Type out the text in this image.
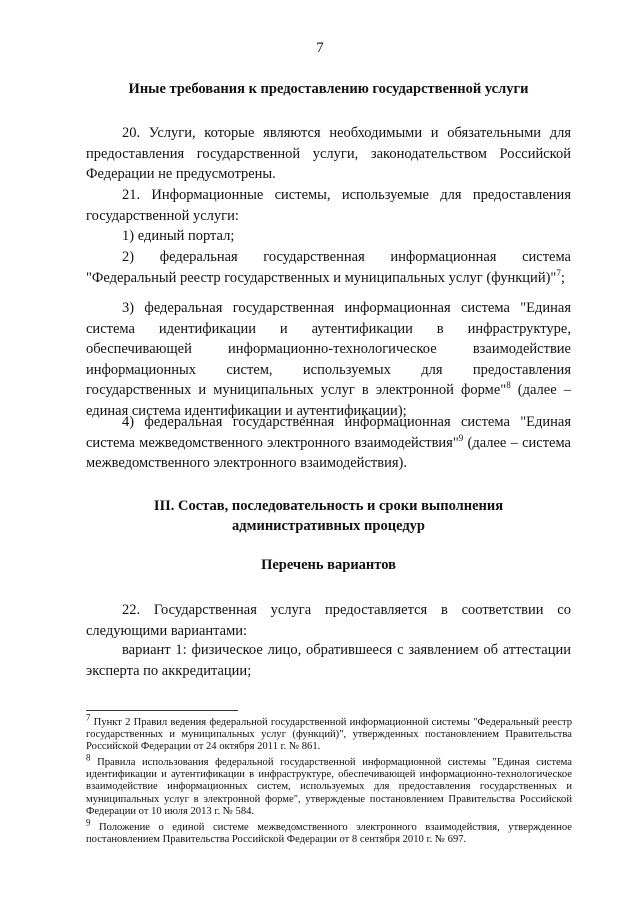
7
Иные требования к предоставлению государственной услуги
20. Услуги, которые являются необходимыми и обязательными для предоставления государственной услуги, законодательством Российской Федерации не предусмотрены.
21. Информационные системы, используемые для предоставления государственной услуги:
1) единый портал;
2) федеральная государственная информационная система "Федеральный реестр государственных и муниципальных услуг (функций)"$^7$;
3) федеральная государственная информационная система "Единая система идентификации и аутентификации в инфраструктуре, обеспечивающей информационно-технологическое взаимодействие информационных систем, используемых для предоставления государственных и муниципальных услуг в электронной форме"$^8$ (далее – единая система идентификации и аутентификации);
4) федеральная государственная информационная система "Единая система межведомственного электронного взаимодействия"$^9$ (далее – система межведомственного электронного взаимодействия).
III. Состав, последовательность и сроки выполнения
административных процедур
Перечень вариантов
22. Государственная услуга предоставляется в соответствии со следующими вариантами:
вариант 1: физическое лицо, обратившееся с заявлением об аттестации эксперта по аккредитации;
$^7$ Пункт 2 Правил ведения федеральной государственной информационной системы "Федеральный реестр государственных и муниципальных услуг (функций)", утвержденных постановлением Правительства Российской Федерации от 24 октября 2011 г. № 861.
$^8$ Правила использования федеральной государственной информационной системы "Единая система идентификации и аутентификации в инфраструктуре, обеспечивающей информационно-технологическое взаимодействие информационных систем, используемых для предоставления государственных и муниципальных услуг в электронной форме", утвержденые постановлением Правительства Российской Федерации от 10 июля 2013 г. № 584.
$^9$ Положение о единой системе межведомственного электронного взаимодействия, утвержденное постановлением Правительства Российской Федерации от 8 сентября 2010 г. № 697.
